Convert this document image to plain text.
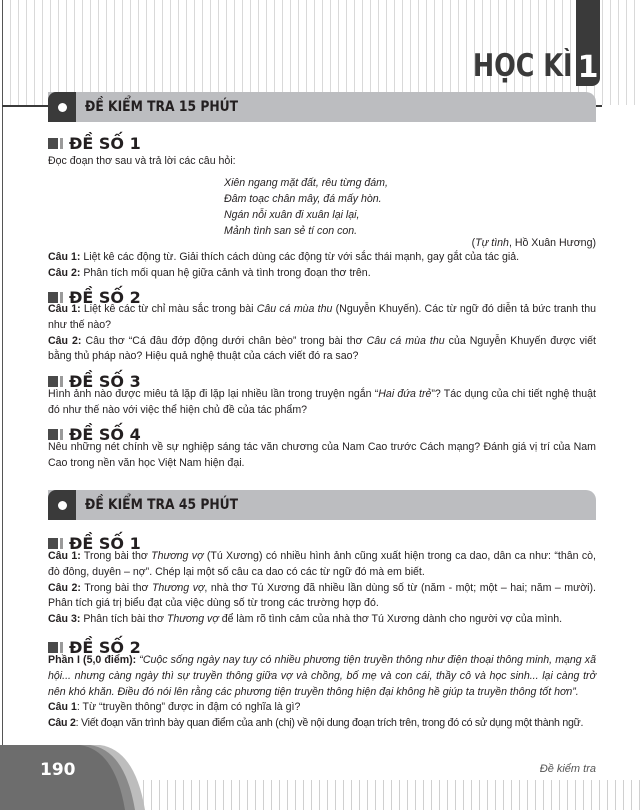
HỌC KÌ 1
ĐỀ KIỂM TRA 15 PHÚT
ĐỀ SỐ 1
Đọc đoạn thơ sau và trả lời các câu hỏi:
Xiên ngang mặt đất, rêu từng đám,
Đâm toạc chân mây, đá mấy hòn.
Ngán nỗi xuân đi xuân lại lại,
Mảnh tình san sẻ tí con con.
(Tự tình, Hồ Xuân Hương)
Câu 1: Liệt kê các động từ. Giải thích cách dùng các động từ với sắc thái mạnh, gay gắt của tác giả.
Câu 2: Phân tích mối quan hệ giữa cảnh và tình trong đoạn thơ trên.
ĐỀ SỐ 2
Câu 1: Liệt kê các từ chỉ màu sắc trong bài Câu cá mùa thu (Nguyễn Khuyến). Các từ ngữ đó diễn tả bức tranh thu như thế nào?
Câu 2: Câu thơ “Cá đâu đớp động dưới chân bèo” trong bài thơ Câu cá mùa thu của Nguyễn Khuyến được viết bằng thủ pháp nào? Hiệu quả nghệ thuật của cách viết đó ra sao?
ĐỀ SỐ 3
Hình ảnh nào được miêu tả lặp đi lặp lại nhiều lần trong truyện ngắn “Hai đứa trẻ”? Tác dụng của chi tiết nghệ thuật đó như thế nào với việc thể hiện chủ đề của tác phẩm?
ĐỀ SỐ 4
Nêu những nét chính về sự nghiệp sáng tác văn chương của Nam Cao trước Cách mạng? Đánh giá vị trí của Nam Cao trong nền văn học Việt Nam hiện đại.
ĐỀ KIỂM TRA 45 PHÚT
ĐỀ SỐ 1
Câu 1: Trong bài thơ Thương vợ (Tú Xương) có nhiều hình ảnh cũng xuất hiện trong ca dao, dân ca như: “thân cò, đò đông, duyên – nợ”. Chép lại một số câu ca dao có các từ ngữ đó mà em biết.
Câu 2: Trong bài thơ Thương vợ, nhà thơ Tú Xương đã nhiều lần dùng số từ (năm - một; một – hai; năm – mười). Phân tích giá trị biểu đạt của việc dùng số từ trong các trường hợp đó.
Câu 3: Phân tích bài thơ Thương vợ để làm rõ tình cảm của nhà thơ Tú Xương dành cho người vợ của mình.
ĐỀ SỐ 2
Phần I (5,0 điểm): “Cuộc sống ngày nay tuy có nhiều phương tiện truyền thông như điện thoại thông minh, mạng xã hội... nhưng càng ngày thì sự truyền thông giữa vợ và chồng, bố mẹ và con cái, thầy cô và học sinh... lại càng trở nên khó khăn. Điều đó nói lên rằng các phương tiện truyền thông hiện đại không hề giúp ta truyền thông tốt hơn”.
Câu 1: Từ “truyền thông” được in đậm có nghĩa là gì?
Câu 2: Viết đoạn văn trình bày quan điểm của anh (chị) về nội dung đoạn trích trên, trong đó có sử dụng một thành ngữ.
190	Đề kiểm tra
